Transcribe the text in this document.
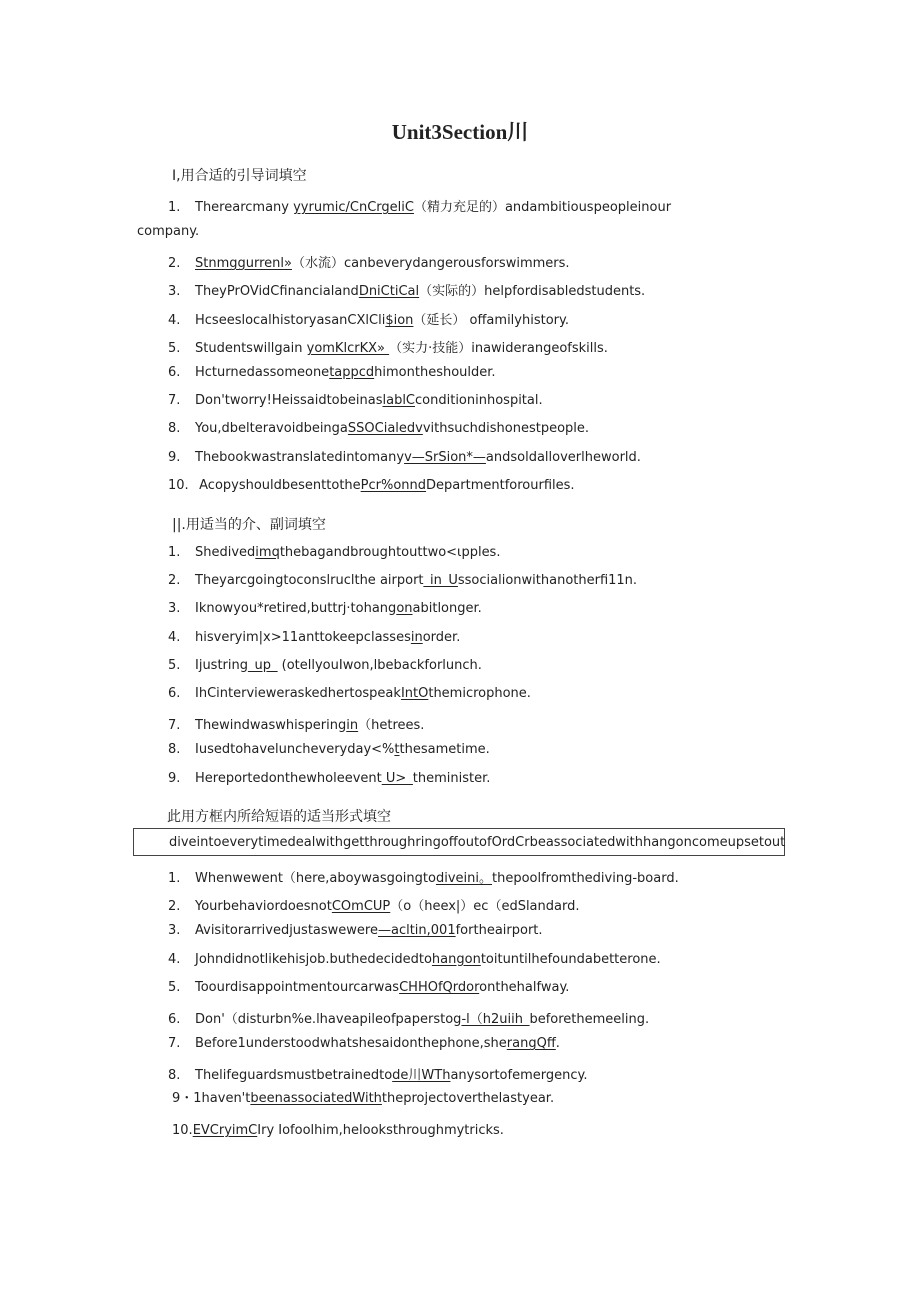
Unit3Section川
Ⅰ,用合适的引导词填空
1. Therearcmany yyrumic/CnCrgeliC（精力充足的）andambitiouspeopleinour
company.
2. Stnmggurrenl»（水流）canbeverydangerousforswimmers.
3. TheyPrOVidCfinancialandDniCtiCal（实际的）helpfordisabledstudents.
4. HcseeslocalhistoryasanCXlCli$ion（延长） offamilyhistory.
5. Studentswillgain yomKlcrKX» （实力·技能）inawiderangeofskills.
6. Hcturnedassomeonetappcdhimontheshoulder.
7. Don'tworry!HeissaidtobeinaslablCconditioninhospital.
8. You,dbelteravoidbeingaSSOCialedvvithsuchdishonestpeople.
9. Thebookwastranslatedintomanyv—SrSion*—andsoldalloverlheworld.
10. AcopyshouldbesenttothePcr%onndDepartmentforourfiles.
||.用适当的介、副词填空
1. Shedivedimqthebagandbroughtouttwo<ιpples.
2. Theyarcgoingtoconslruclthe airport_in_Ussocialionwithanotherfi11n.
3. Iknowyou*retired,buttrj·tohangonabitlonger.
4. hisveryim|x>11anttokeepclassesinorder.
5. Ijustring_up_ (otellyouIwon,lbebackforlunch.
6. IhCintervieweraskedhertospeakIntOthemicrophone.
7. Thewindwaswhisperingin（hetrees.
8. Iusedtohaveluncheveryday<%tthesametime.
9. Hereportedonthewholeevent U>_theminister.
此用方框内所给短语的适当形式填空
diveintoeverytimedealwithgetthroughringoffoutofOrdCrbeassociatedwithhangoncomeupsetout
1. Whenwewent（here,aboywasgoingtodiveini。thepoolfromthediving-board.
2. YourbehaviordoesnotCOmCUP（o（heex|）ec（edSlandard.
3. Avisitorarrivedjustaswewere—acltin,001fortheairport.
4. Johndidnotlikehisjob.buthedecidedtohangontoituntilhefoundabetterone.
5. ToourdisappointmentourcarwasCHHOfQrdoronthehalfway.
6. Don'（disturbn%e.lhaveapileofpaperstog-l（h2uiih_beforethemeeling.
7. Before1understoodwhatshesaidonthephone,sherangQff.
8. Thelifeguardsmustbetrainedtode川WThanysortofemergency.
9・1haven'tbeenassociatedWiththeprojectoverthelastyear.
10.EVCryimCIry Iofoolhim,helooksthroughmytricks.
